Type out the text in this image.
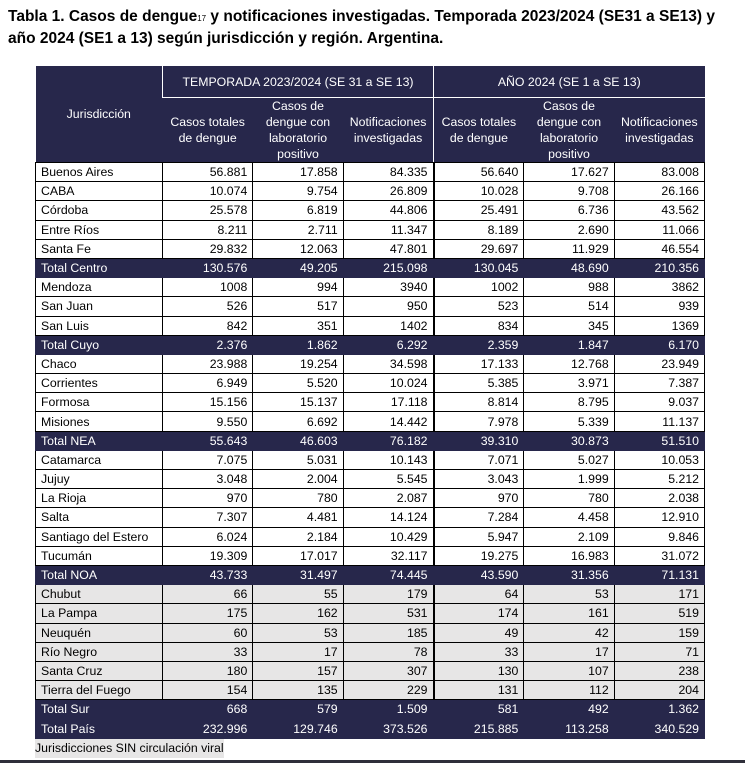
Tabla 1. Casos de dengue$^{17}$ y notificaciones investigadas. Temporada 2023/2024 (SE31 a SE13) y año 2024 (SE1 a 13) según jurisdicción y región. Argentina.
Jurisdicción	TEMPORADA 2023/2024 (SE 31 a SE 13)			AÑO 2024 (SE 1 a SE 13)		
	Casos totales de dengue	Casos de dengue con laboratorio positivo	Notificaciones investigadas	Casos totales de dengue	Casos de dengue con laboratorio positivo	Notificaciones investigadas
Buenos Aires	56.881	17.858	84.335	56.640	17.627	83.008
CABA	10.074	9.754	26.809	10.028	9.708	26.166
Córdoba	25.578	6.819	44.806	25.491	6.736	43.562
Entre Ríos	8.211	2.711	11.347	8.189	2.690	11.066
Santa Fe	29.832	12.063	47.801	29.697	11.929	46.554
Total Centro	130.576	49.205	215.098	130.045	48.690	210.356
Mendoza	1008	994	3940	1002	988	3862
San Juan	526	517	950	523	514	939
San Luis	842	351	1402	834	345	1369
Total Cuyo	2.376	1.862	6.292	2.359	1.847	6.170
Chaco	23.988	19.254	34.598	17.133	12.768	23.949
Corrientes	6.949	5.520	10.024	5.385	3.971	7.387
Formosa	15.156	15.137	17.118	8.814	8.795	9.037
Misiones	9.550	6.692	14.442	7.978	5.339	11.137
Total NEA	55.643	46.603	76.182	39.310	30.873	51.510
Catamarca	7.075	5.031	10.143	7.071	5.027	10.053
Jujuy	3.048	2.004	5.545	3.043	1.999	5.212
La Rioja	970	780	2.087	970	780	2.038
Salta	7.307	4.481	14.124	7.284	4.458	12.910
Santiago del Estero	6.024	2.184	10.429	5.947	2.109	9.846
Tucumán	19.309	17.017	32.117	19.275	16.983	31.072
Total NOA	43.733	31.497	74.445	43.590	31.356	71.131
Chubut	66	55	179	64	53	171
La Pampa	175	162	531	174	161	519
Neuquén	60	53	185	49	42	159
Río Negro	33	17	78	33	17	71
Santa Cruz	180	157	307	130	107	238
Tierra del Fuego	154	135	229	131	112	204
Total Sur	668	579	1.509	581	492	1.362
Total País	232.996	129.746	373.526	215.885	113.258	340.529
Jurisdicciones SIN circulación viral
